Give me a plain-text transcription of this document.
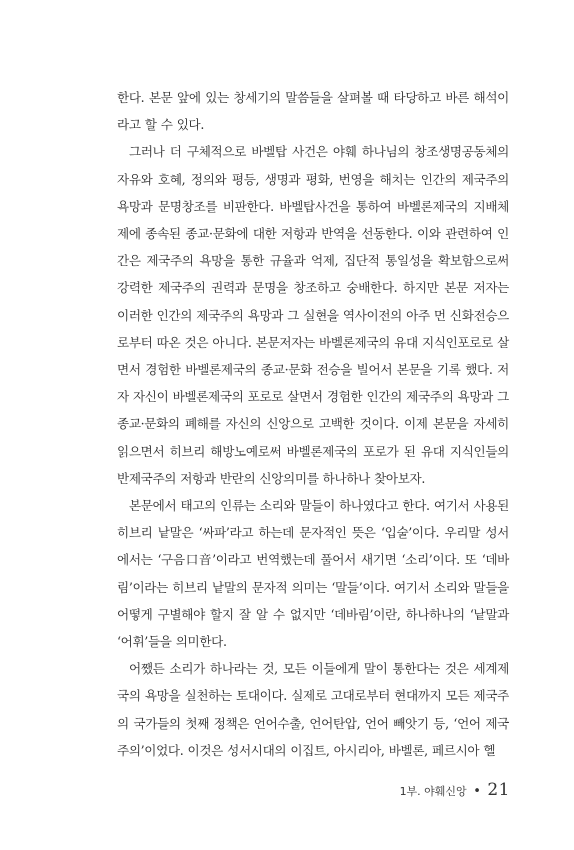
한다. 본문 앞에 있는 창세기의 말씀들을 살펴볼 때 타당하고 바른 해석이라고 할 수 있다.

그러나 더 구체적으로 바벨탑 사건은 야훼 하나님의 창조생명공동체의 자유와 호혜, 정의와 평등, 생명과 평화, 번영을 해치는 인간의 제국주의 욕망과 문명창조를 비판한다. 바벨탑사건을 통하여 바벨론제국의 지배체제에 종속된 종교·문화에 대한 저항과 반역을 선동한다. 이와 관련하여 인간은 제국주의 욕망을 통한 규율과 억제, 집단적 통일성을 확보함으로써 강력한 제국주의 권력과 문명을 창조하고 숭배한다. 하지만 본문 저자는 이러한 인간의 제국주의 욕망과 그 실현을 역사이전의 아주 먼 신화전승으로부터 따온 것은 아니다. 본문저자는 바벨론제국의 유대 지식인포로로 살면서 경험한 바벨론제국의 종교·문화 전승을 빌어서 본문을 기록 했다. 저자 자신이 바벨론제국의 포로로 살면서 경험한 인간의 제국주의 욕망과 그 종교·문화의 폐해를 자신의 신앙으로 고백한 것이다. 이제 본문을 자세히 읽으면서 히브리 해방노예로써 바벨론제국의 포로가 된 유대 지식인들의 반제국주의 저항과 반란의 신앙의미를 하나하나 찾아보자.

본문에서 태고의 인류는 소리와 말들이 하나였다고 한다. 여기서 사용된 히브리 낱말은 ‘싸파’라고 하는데 문자적인 뜻은 ‘입술’이다. 우리말 성서에서는 ‘구음口音’이라고 번역했는데 풀어서 새기면 ‘소리’이다. 또 ‘데바림’이라는 히브리 낱말의 문자적 의미는 ‘말들’이다. 여기서 소리와 말들을 어떻게 구별해야 할지 잘 알 수 없지만 ‘데바림’이란, 하나하나의 ‘낱말과 ‘어휘’들을 의미한다.

어쨌든 소리가 하나라는 것, 모든 이들에게 말이 통한다는 것은 세계제국의 욕망을 실천하는 토대이다. 실제로 고대로부터 현대까지 모든 제국주의 국가들의 첫째 정책은 언어수출, 언어탄압, 언어 빼앗기 등, ‘언어 제국주의’이었다. 이것은 성서시대의 이집트, 아시리아, 바벨론, 페르시아 헬

1부. 야훼신앙 • 21
